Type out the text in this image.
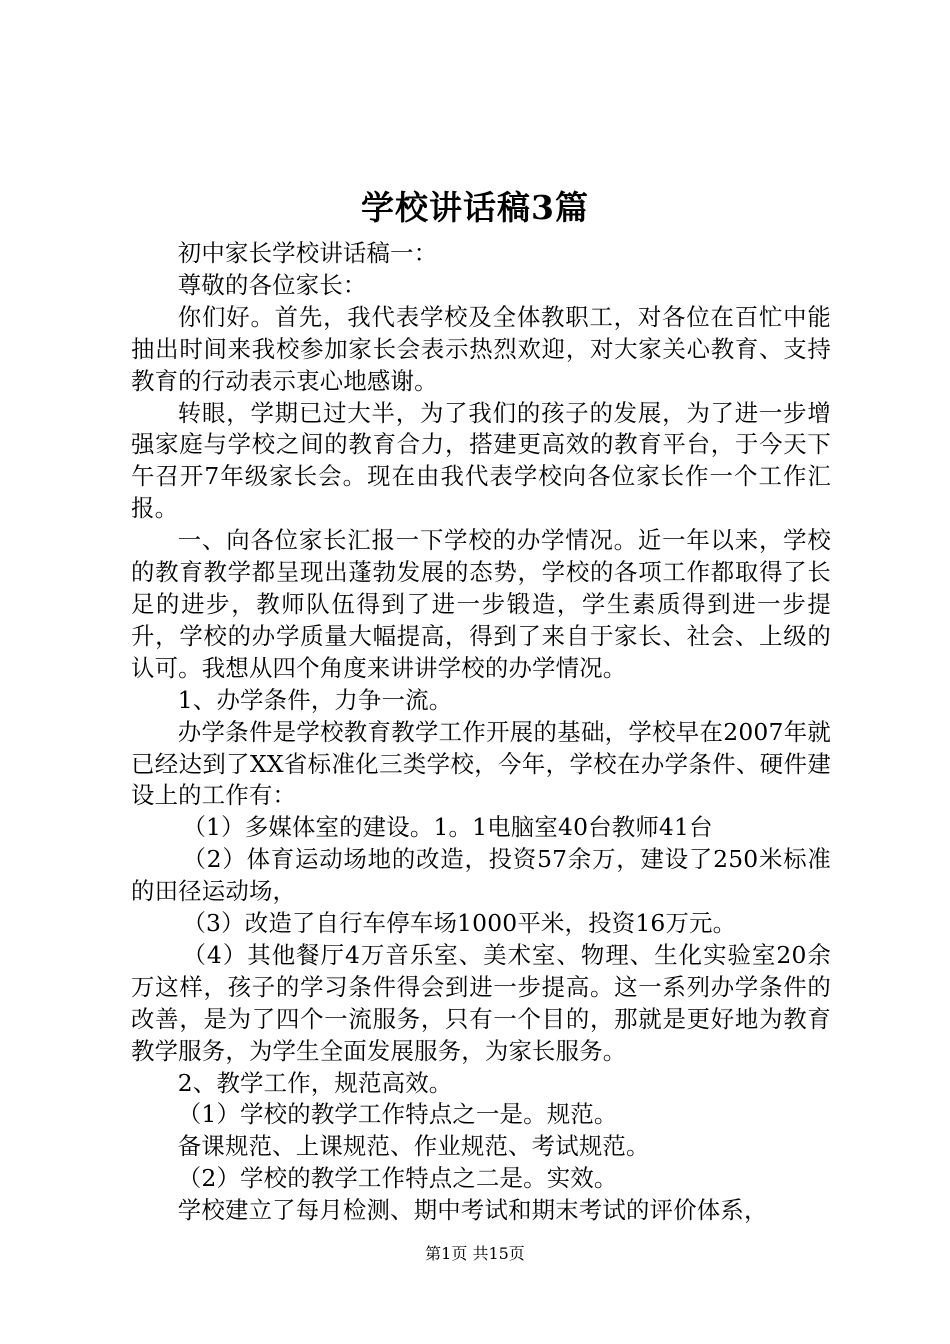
学校讲话稿3篇

初中家长学校讲话稿一：

尊敬的各位家长：

你们好。首先，我代表学校及全体教职工，对各位在百忙中能抽出时间来我校参加家长会表示热烈欢迎，对大家关心教育、支持教育的行动表示衷心地感谢。

转眼，学期已过大半，为了我们的孩子的发展，为了进一步增强家庭与学校之间的教育合力，搭建更高效的教育平台，于今天下午召开7年级家长会。现在由我代表学校向各位家长作一个工作汇报。

一、向各位家长汇报一下学校的办学情况。近一年以来，学校的教育教学都呈现出蓬勃发展的态势，学校的各项工作都取得了长足的进步，教师队伍得到了进一步锻造，学生素质得到进一步提升，学校的办学质量大幅提高，得到了来自于家长、社会、上级的认可。我想从四个角度来讲讲学校的办学情况。

1、办学条件，力争一流。

办学条件是学校教育教学工作开展的基础，学校早在2007年就已经达到了XX省标准化三类学校，今年，学校在办学条件、硬件建设上的工作有：

（1）多媒体室的建设。1。1电脑室40台教师41台

（2）体育运动场地的改造，投资57余万，建设了250米标准的田径运动场，

（3）改造了自行车停车场1000平米，投资16万元。

（4）其他餐厅4万音乐室、美术室、物理、生化实验室20余万这样，孩子的学习条件得会到进一步提高。这一系列办学条件的改善，是为了四个一流服务，只有一个目的，那就是更好地为教育教学服务，为学生全面发展服务，为家长服务。

2、教学工作，规范高效。

（1）学校的教学工作特点之一是。规范。

备课规范、上课规范、作业规范、考试规范。

（2）学校的教学工作特点之二是。实效。

学校建立了每月检测、期中考试和期末考试的评价体系，

第1页 共15页
